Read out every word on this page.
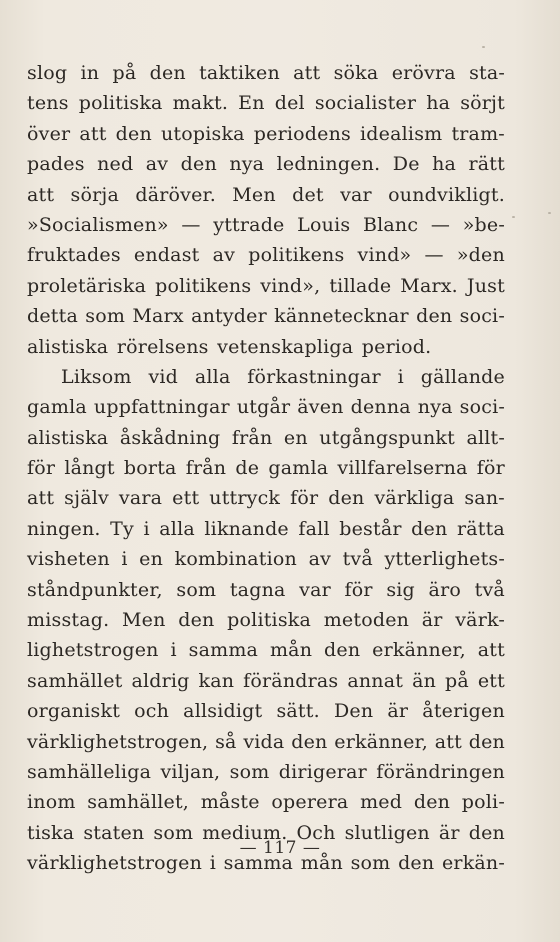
slog in på den taktiken att söka erövra sta-
tens politiska makt. En del socialister ha sörjt
över att den utopiska periodens idealism tram-
pades ned av den nya ledningen. De ha rätt
att sörja däröver. Men det var oundvikligt.
»Socialismen» — yttrade Louis Blanc — »be-
fruktades endast av politikens vind» — »den
proletäriska politikens vind», tillade Marx. Just
detta som Marx antyder kännetecknar den soci-
alistiska rörelsens vetenskapliga period.
Liksom vid alla förkastningar i gällande
gamla uppfattningar utgår även denna nya soci-
alistiska åskådning från en utgångspunkt allt-
för långt borta från de gamla villfarelserna för
att själv vara ett uttryck för den värkliga san-
ningen. Ty i alla liknande fall består den rätta
visheten i en kombination av två ytterlighets-
ståndpunkter, som tagna var för sig äro två
misstag. Men den politiska metoden är värk-
lighetstrogen i samma mån den erkänner, att
samhället aldrig kan förändras annat än på ett
organiskt och allsidigt sätt. Den är återigen
värklighetstrogen, så vida den erkänner, att den
samhälleliga viljan, som dirigerar förändringen
inom samhället, måste operera med den poli-
tiska staten som medium. Och slutligen är den
värklighetstrogen i samma mån som den erkän-
— 117 —
